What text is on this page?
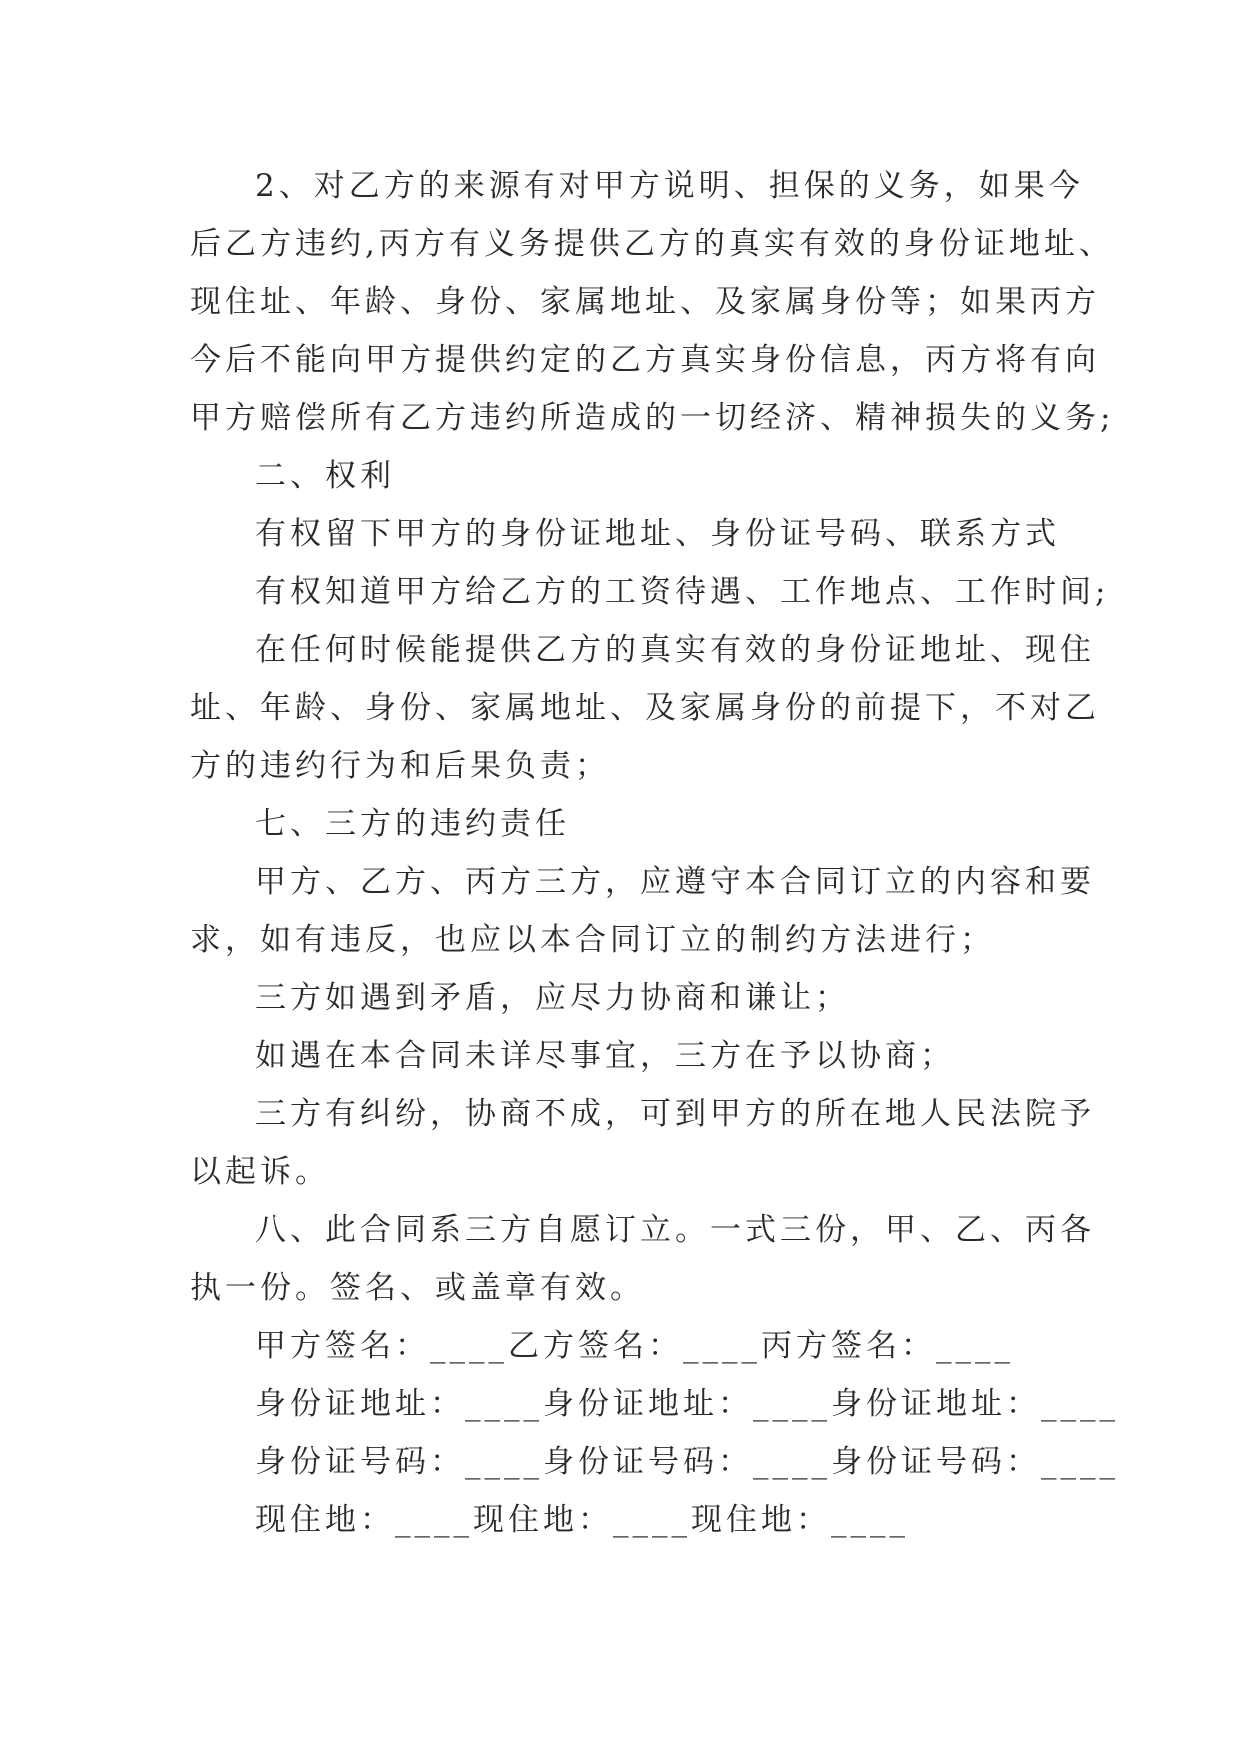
2、对乙方的来源有对甲方说明、担保的义务，如果今
后乙方违约,丙方有义务提供乙方的真实有效的身份证地址、
现住址、年龄、身份、家属地址、及家属身份等；如果丙方
今后不能向甲方提供约定的乙方真实身份信息，丙方将有向
甲方赔偿所有乙方违约所造成的一切经济、精神损失的义务;
二、权利
有权留下甲方的身份证地址、身份证号码、联系方式
有权知道甲方给乙方的工资待遇、工作地点、工作时间;
在任何时候能提供乙方的真实有效的身份证地址、现住
址、年龄、身份、家属地址、及家属身份的前提下，不对乙
方的违约行为和后果负责；
七、三方的违约责任
甲方、乙方、丙方三方，应遵守本合同订立的内容和要
求，如有违反，也应以本合同订立的制约方法进行；
三方如遇到矛盾，应尽力协商和谦让；
如遇在本合同未详尽事宜，三方在予以协商；
三方有纠纷，协商不成，可到甲方的所在地人民法院予
以起诉。
八、此合同系三方自愿订立。一式三份，甲、乙、丙各
执一份。签名、或盖章有效。
甲方签名：____乙方签名：____丙方签名：____
身份证地址：____身份证地址：____身份证地址：____
身份证号码：____身份证号码：____身份证号码：____
现住地：____现住地：____现住地：____
